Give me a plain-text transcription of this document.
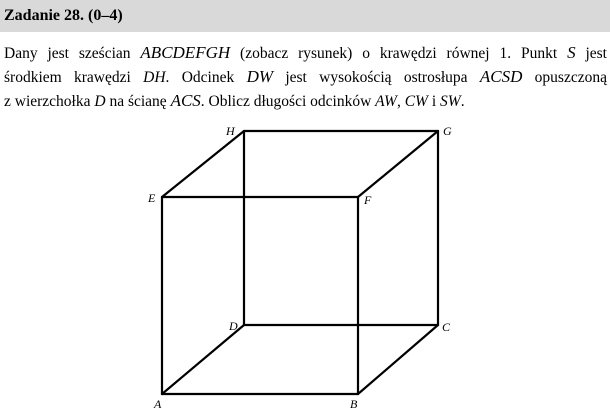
Zadanie 28. (0–4)
Dany jest sześcian ABCDEFGH (zobacz rysunek) o krawędzi równej 1. Punkt S jest
środkiem krawędzi DH. Odcinek DW jest wysokością ostrosłupa ACSD opuszczoną
z wierzchołka D na ścianę ACS. Oblicz długości odcinków AW, CW i SW.
A	B
C
D
E	F
G
H
